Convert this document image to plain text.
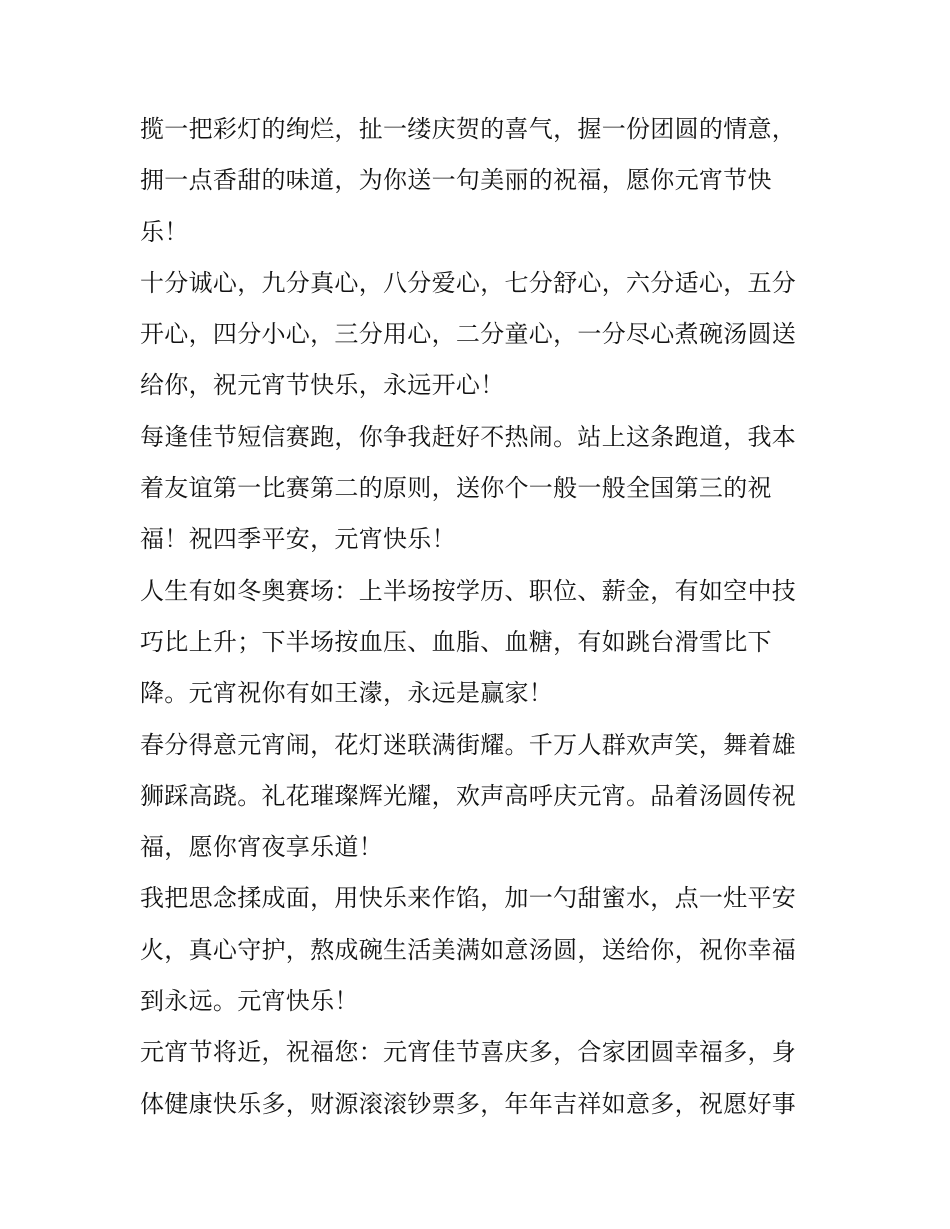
揽一把彩灯的绚烂，扯一缕庆贺的喜气，握一份团圆的情意，拥一点香甜的味道，为你送一句美丽的祝福，愿你元宵节快乐！

十分诚心，九分真心，八分爱心，七分舒心，六分适心，五分开心，四分小心，三分用心，二分童心，一分尽心煮碗汤圆送给你，祝元宵节快乐，永远开心！

每逢佳节短信赛跑，你争我赶好不热闹。站上这条跑道，我本着友谊第一比赛第二的原则，送你个一般一般全国第三的祝福！祝四季平安，元宵快乐！

人生有如冬奥赛场：上半场按学历、职位、薪金，有如空中技巧比上升；下半场按血压、血脂、血糖，有如跳台滑雪比下降。元宵祝你有如王濛，永远是赢家！

春分得意元宵闹，花灯迷联满街耀。千万人群欢声笑，舞着雄狮踩高跷。礼花璀璨辉光耀，欢声高呼庆元宵。品着汤圆传祝福，愿你宵夜享乐道！

我把思念揉成面，用快乐来作馅，加一勺甜蜜水，点一灶平安火，真心守护，熬成碗生活美满如意汤圆，送给你，祝你幸福到永远。元宵快乐！

元宵节将近，祝福您：元宵佳节喜庆多，合家团圆幸福多，身体健康快乐多，财源滚滚钞票多，年年吉祥如意多，祝愿好事
